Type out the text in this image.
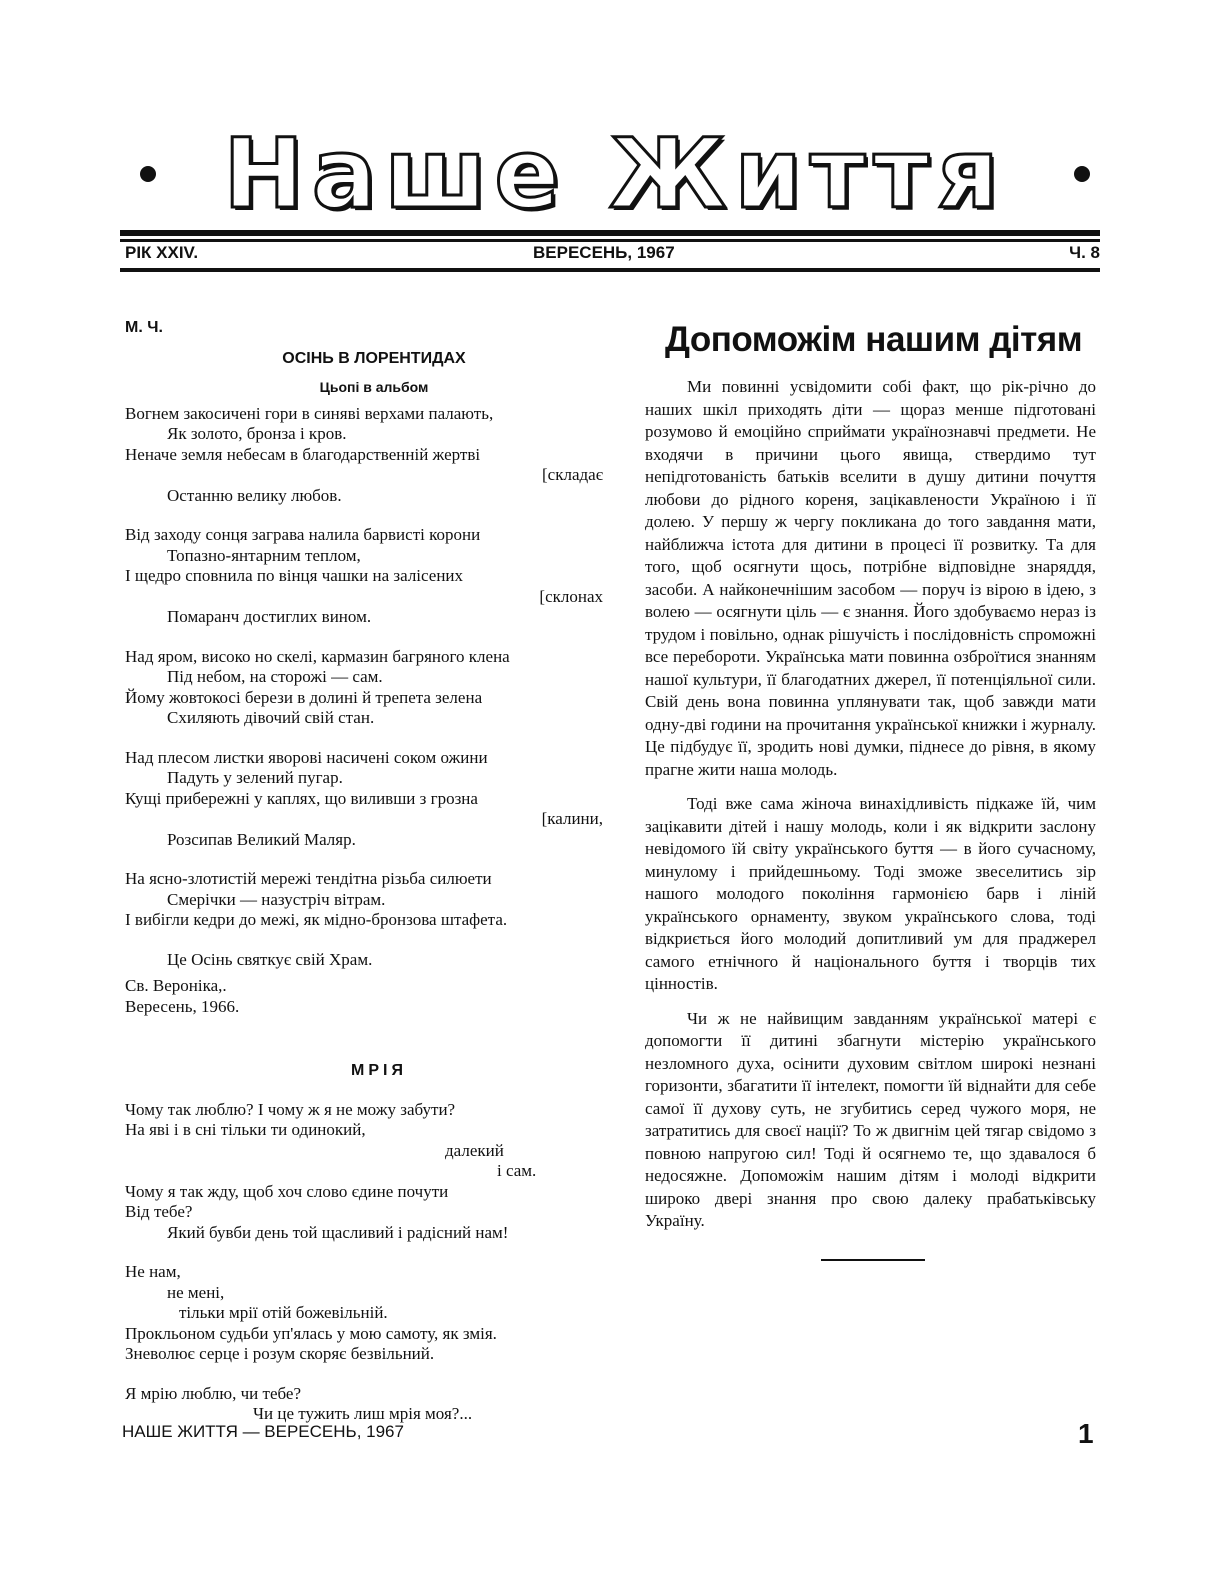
Наше Життя
РІК XXIV.	ВЕРЕСЕНЬ, 1967	Ч. 8
М. Ч.
ОСІНЬ В ЛОРЕНТИДАХ
Цьопі в альбом
Вогнем закосичені гори в синяві верхами палають,
Як золото, бронза і кров.
Неначе земля небесам в благодарственній жертві
[складає
Останню велику любов.
Від заходу сонця заграва налила барвисті корони
Топазно-янтарним теплом,
І щедро сповнила по вінця чашки на залісених
[склонах
Помаранч достиглих вином.
Над яром, високо но скелі, кармазин багряного клена
Під небом, на сторожі — сам.
Йому жовтокосі берези в долині й трепета зелена
Схиляють дівочий свій стан.
Над плесом листки яворові насичені соком ожини
Падуть у зелений пугар.
Кущі прибережні у каплях, що виливши з грозна
[калини,
Розсипав Великий Маляр.
На ясно-злотистій мережі тендітна різьба силюети
Смерічки — назустріч вітрам.
І вибігли кедри до межі, як мідно-бронзова штафета.
Це Осінь святкує свій Храм.
Св. Вероніка,.
Вересень, 1966.
МРІЯ
Чому так люблю? І чому ж я не можу забути?
На яві і в сні тільки ти одинокий,
далекий
і сам.
Чому я так жду, щоб хоч слово єдине почути
Від тебе?
Який бувби день той щасливий і радісний нам!
Не нам,
не мені,
тільки мрії отій божевільній.
Прокльоном судьби уп'ялась у мою самоту, як змія.
Зневолює серце і розум скоряє безвільний.
Я мрію люблю, чи тебе?
Чи це тужить лиш мрія моя?...
Допоможім нашим дітям

Ми повинні усвідомити собі факт, що рік-річно до наших шкіл приходять діти — щораз менше підготовані розумово й емоційно сприймати українознавчі предмети. Не входячи в причини цього явища, ствердимо тут непідготованість батьків вселити в душу дитини почуття любови до рідного кореня, зацікавлености Україною і її долею. У першу ж чергу покликана до того завдання мати, найближча істота для дитини в процесі її розвитку. Та для того, щоб осягнути щось, потрібне відповідне знаряддя, засоби. А найконечнішим засобом — поруч із вірою в ідею, з волею — осягнути ціль — є знання. Його здобуваємо нераз із трудом і повільно, однак рішучість і послідовність спроможні все перебороти. Українська мати повинна озброїтися знанням нашої культури, її благодатних джерел, її потенціяльної сили. Свій день вона повинна уплянувати так, щоб завжди мати одну-дві години на прочитання української книжки і журналу. Це підбудує її, зродить нові думки, піднесе до рівня, в якому прагне жити наша молодь.

Тоді вже сама жіноча винахідливість підкаже їй, чим зацікавити дітей і нашу молодь, коли і як відкрити заслону невідомого їй світу українського буття — в його сучасному, минулому і прийдешньому. Тоді зможе звеселитись зір нашого молодого покоління гармонією барв і ліній українського орнаменту, звуком українського слова, тоді відкриється його молодий допитливий ум для праджерел самого етнічного й національного буття і творців тих цінностів.

Чи ж не найвищим завданням української матері є допомогти її дитині збагнути містерію українського незломного духа, осінити духовим світлом широкі незнані горизонти, збагатити її інтелект, помогти їй віднайти для себе самої її духову суть, не згубитись серед чужого моря, не затратитись для своєї нації? То ж двигнім цей тягар свідомо з повною напругою сил! Тоді й осягнемо те, що здавалося б недосяжне. Допоможім нашим дітям і молоді відкрити широко двері знання про свою далеку прабатьківську Україну.

НАШЕ ЖИТТЯ — ВЕРЕСЕНЬ, 1967	1
